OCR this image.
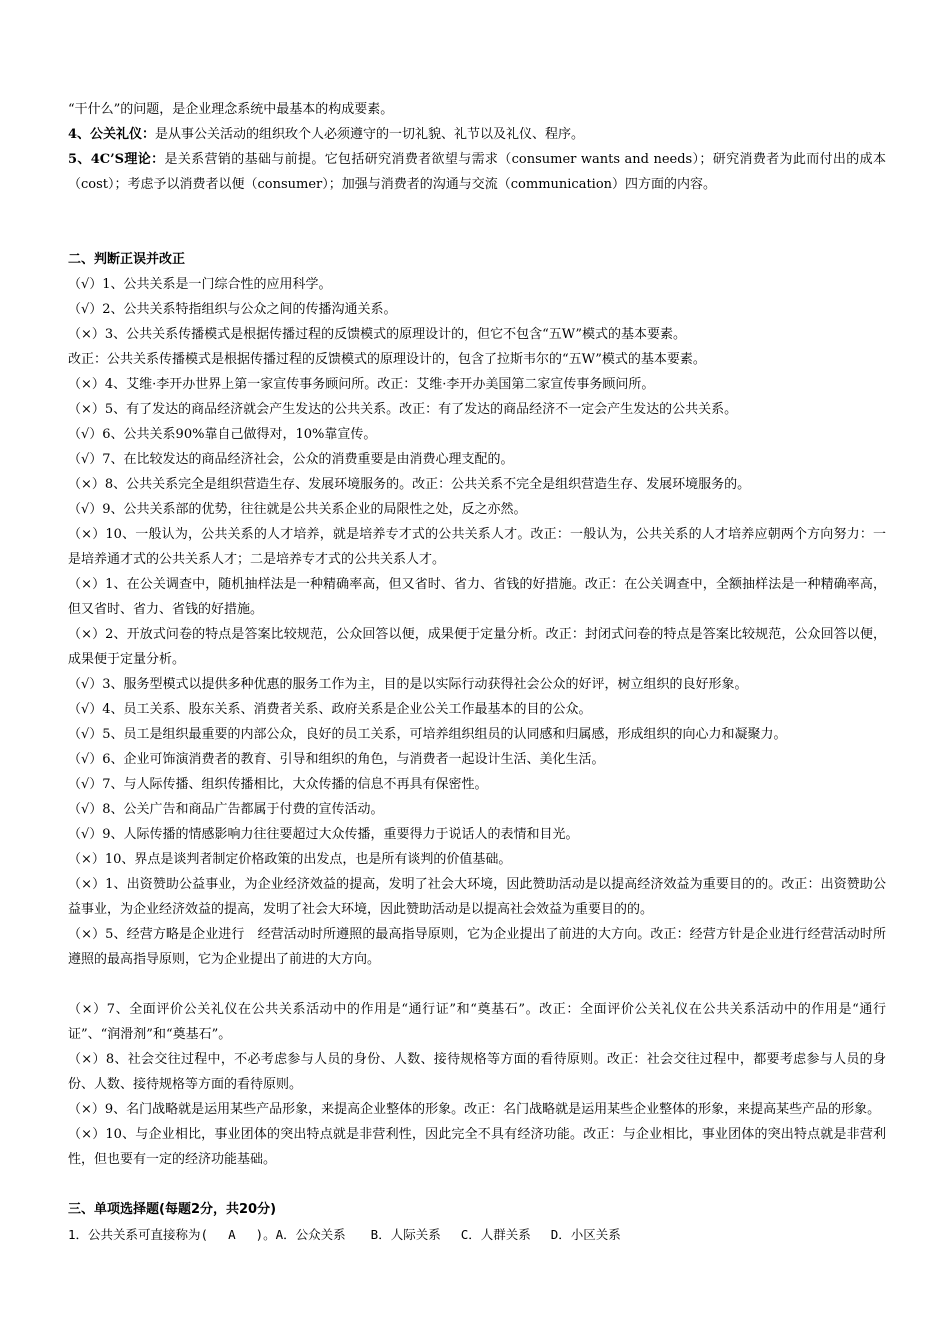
“干什么”的问题，是企业理念系统中最基本的构成要素。

4、公关礼仪：是从事公关活动的组织玫个人必须遵守的一切礼貌、礼节以及礼仪、程序。

5、4C’S理论：是关系营销的基础与前提。它包括研究消费者欲望与需求（consumer wants and needs）；研究消费者为此而付出的成本（cost）；考虑予以消费者以便（consumer）；加强与消费者的沟通与交流（communication）四方面的内容。

二、判断正误并改正

（√）1、公共关系是一门综合性的应用科学。

（√）2、公共关系特指组织与公众之间的传播沟通关系。

（×）3、公共关系传播模式是根据传播过程的反馈模式的原理设计的，但它不包含“五W”模式的基本要素。

改正：公共关系传播模式是根据传播过程的反馈模式的原理设计的，包含了拉斯韦尔的“五W”模式的基本要素。

（×）4、艾维·李开办世界上第一家宣传事务顾问所。改正：艾维·李开办美国第二家宣传事务顾问所。

（×）5、有了发达的商品经济就会产生发达的公共关系。改正：有了发达的商品经济不一定会产生发达的公共关系。

（√）6、公共关系90%靠自己做得对，10%靠宣传。

（√）7、在比较发达的商品经济社会，公众的消费重要是由消费心理支配的。

（×）8、公共关系完全是组织营造生存、发展环境服务的。改正：公共关系不完全是组织营造生存、发展环境服务的。

（√）9、公共关系部的优势，往往就是公共关系企业的局限性之处，反之亦然。

（×）10、一般认为，公共关系的人才培养，就是培养专才式的公共关系人才。改正：一般认为，公共关系的人才培养应朝两个方向努力：一是培养通才式的公共关系人才；二是培养专才式的公共关系人才。

（×）1、在公关调查中，随机抽样法是一种精确率高，但又省时、省力、省钱的好措施。改正：在公关调查中，全额抽样法是一种精确率高，但又省时、省力、省钱的好措施。

（×）2、开放式问卷的特点是答案比较规范，公众回答以便，成果便于定量分析。改正：封闭式问卷的特点是答案比较规范，公众回答以便，成果便于定量分析。

（√）3、服务型模式以提供多种优惠的服务工作为主，目的是以实际行动获得社会公众的好评，树立组织的良好形象。

（√）4、员工关系、股东关系、消费者关系、政府关系是企业公关工作最基本的目的公众。

（√）5、员工是组织最重要的内部公众，良好的员工关系，可培养组织组员的认同感和归属感，形成组织的向心力和凝聚力。

（√）6、企业可饰演消费者的教育、引导和组织的角色，与消费者一起设计生活、美化生活。

（√）7、与人际传播、组织传播相比，大众传播的信息不再具有保密性。

（√）8、公关广告和商品广告都属于付费的宣传活动。

（√）9、人际传播的情感影响力往往要超过大众传播，重要得力于说话人的表情和目光。

（×）10、界点是谈判者制定价格政策的出发点，也是所有谈判的价值基础。

（×）1、出资赞助公益事业，为企业经济效益的提高，发明了社会大环境，因此赞助活动是以提高经济效益为重要目的的。改正：出资赞助公益事业，为企业经济效益的提高，发明了社会大环境，因此赞助活动是以提高社会效益为重要目的的。

（×）5、经营方略是企业进行　经营活动时所遵照的最高指导原则，它为企业提出了前进的大方向。改正：经营方针是企业进行经营活动时所遵照的最高指导原则，它为企业提出了前进的大方向。

（×）7、全面评价公关礼仪在公共关系活动中的作用是“通行证”和“奠基石”。改正：全面评价公关礼仪在公共关系活动中的作用是“通行证”、“润滑剂”和“奠基石”。

（×）8、社会交往过程中，不必考虑参与人员的身份、人数、接待规格等方面的看待原则。改正：社会交往过程中，都要考虑参与人员的身份、人数、接待规格等方面的看待原则。

（×）9、名门战略就是运用某些产品形象，来提高企业整体的形象。改正：名门战略就是运用某些企业整体的形象，来提高某些产品的形象。

（×）10、与企业相比，事业团体的突出特点就是非营利性，因此完全不具有经济功能。改正：与企业相比，事业团体的突出特点就是非营利性，但也要有一定的经济功能基础。

三、单项选择题(每题2分，共20分)

1．公共关系可直接称为(　 A　 )。A．公众关系　　B．人际关系　 C．人群关系　 D．小区关系
